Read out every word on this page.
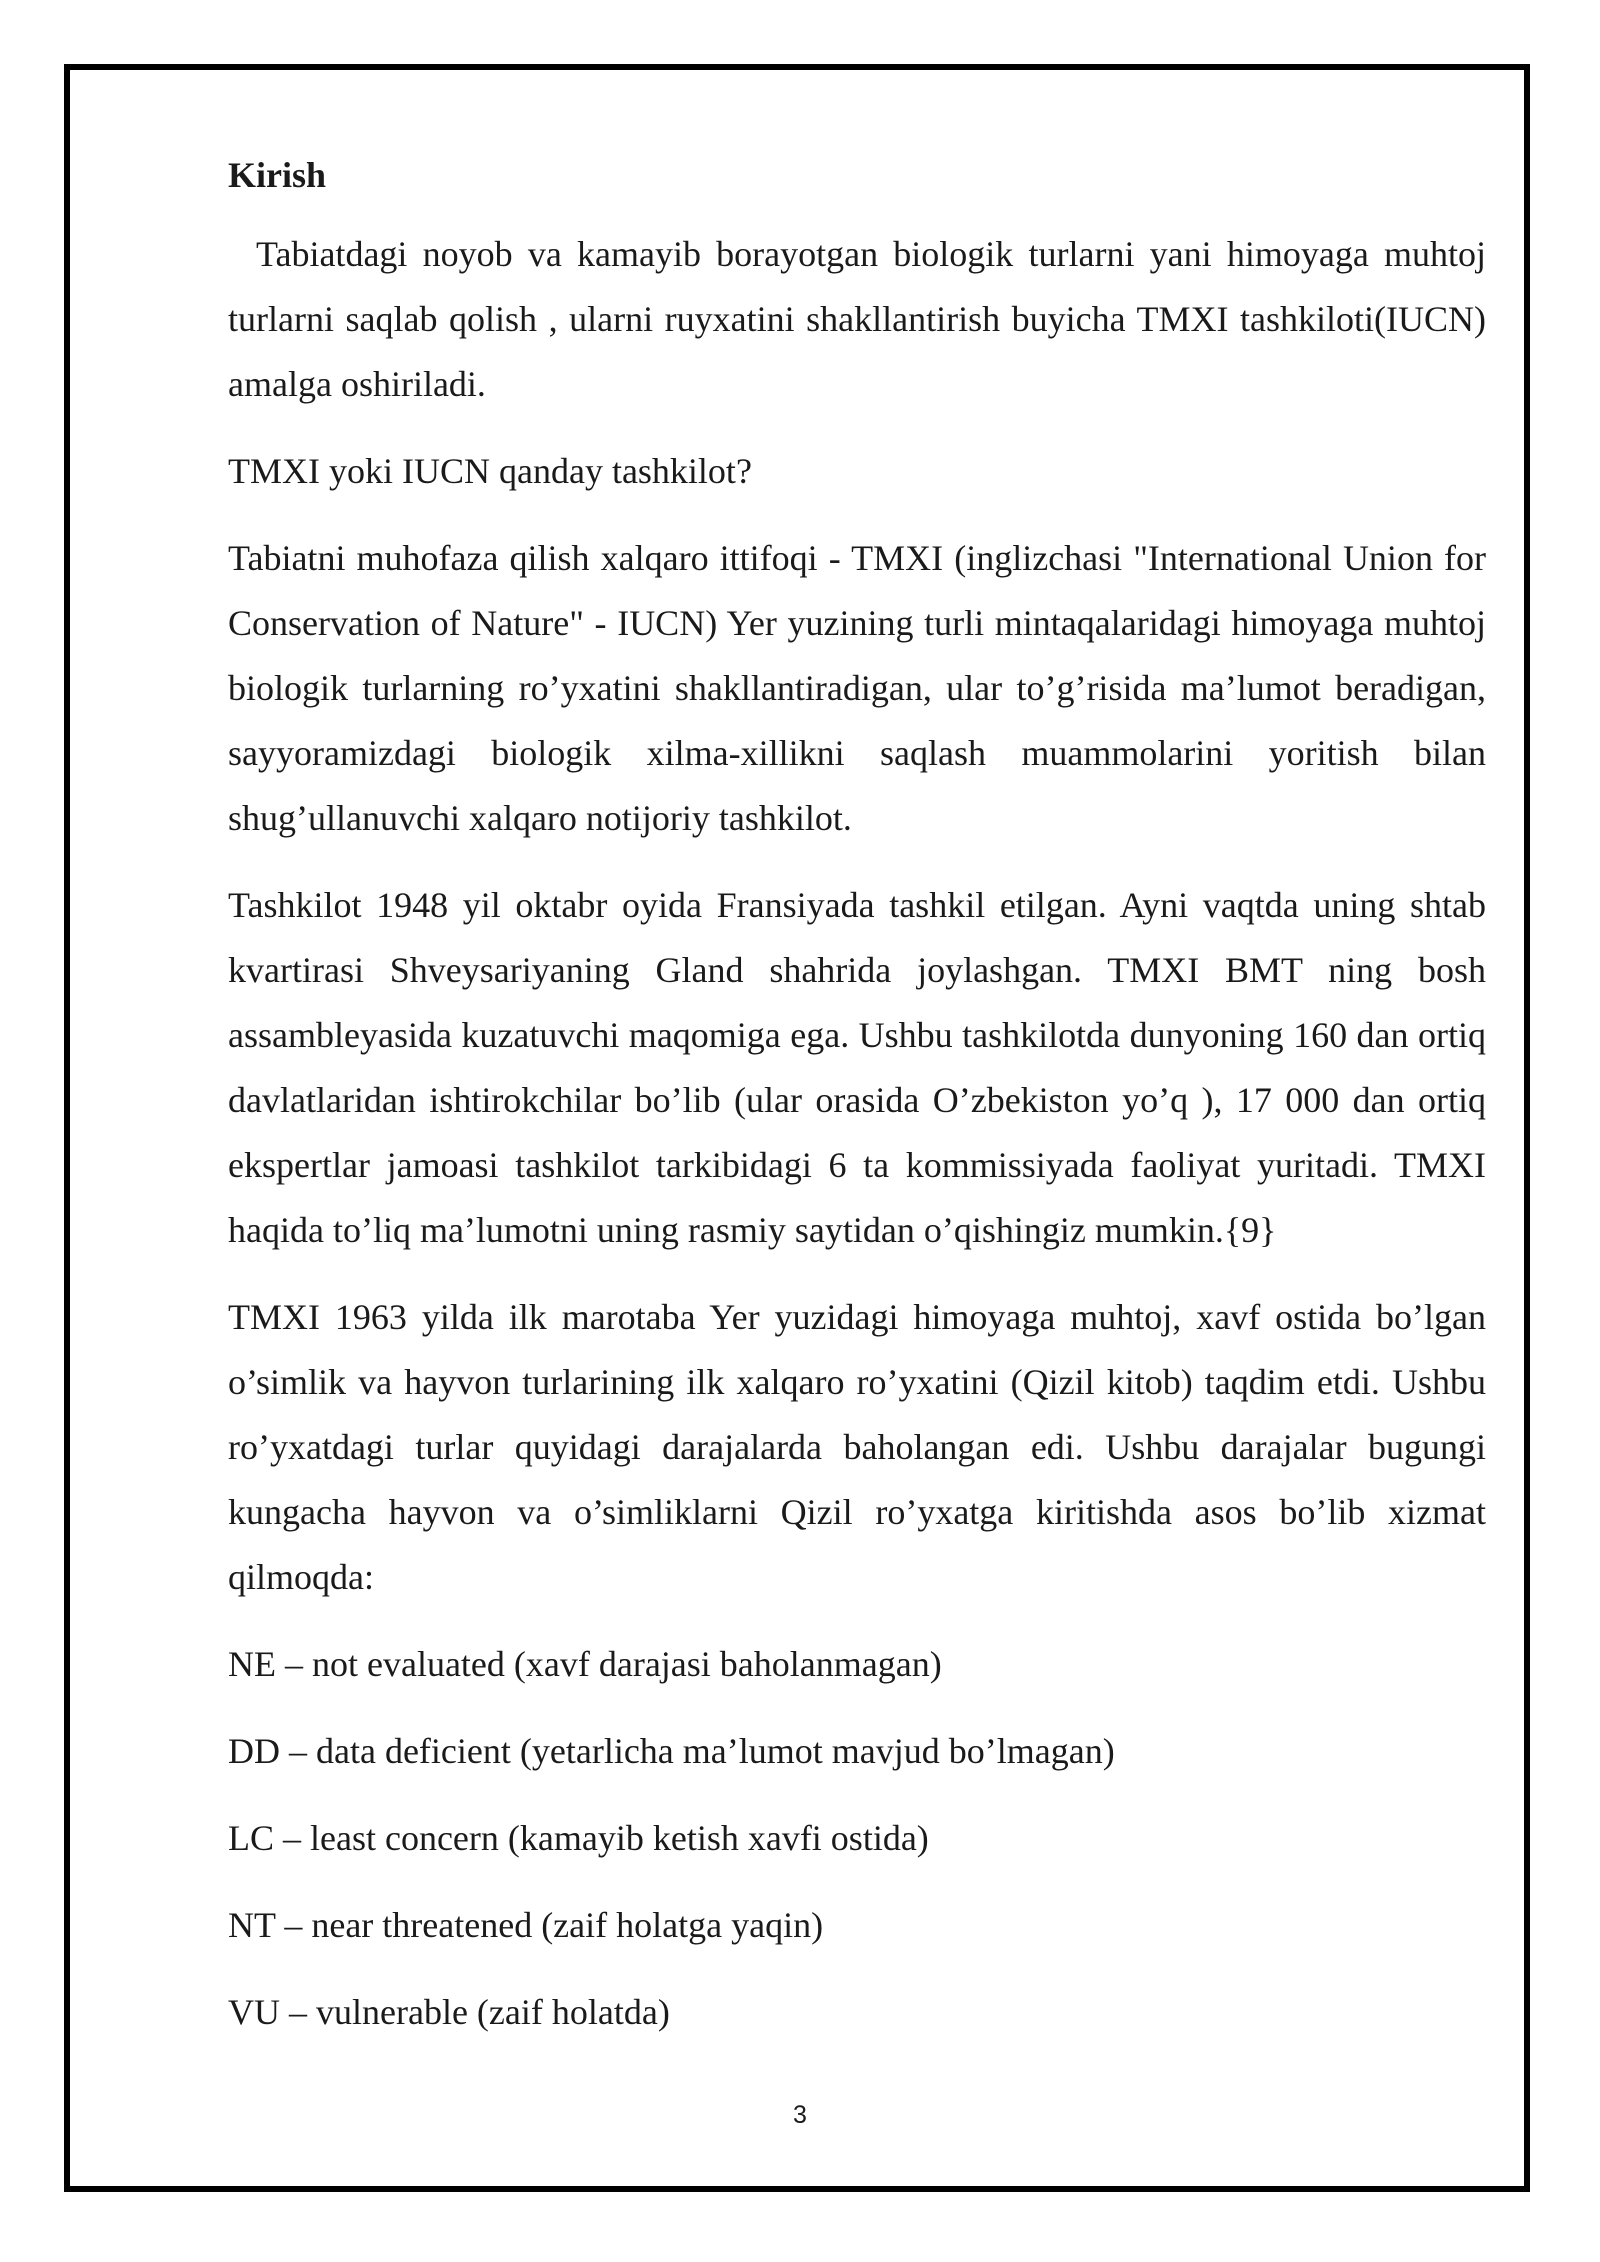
Kirish

Tabiatdagi noyob va kamayib borayotgan biologik turlarni yani himoyaga muhtoj turlarni saqlab qolish , ularni ruyxatini shakllantirish buyicha TMXI tashkiloti(IUCN) amalga oshiriladi.

TMXI yoki IUCN qanday tashkilot?

Tabiatni muhofaza qilish xalqaro ittifoqi - TMXI (inglizchasi "International Union for Conservation of Nature" - IUCN) Yer yuzining turli mintaqalaridagi himoyaga muhtoj biologik turlarning ro’yxatini shakllantiradigan, ular to’g’risida ma’lumot beradigan, sayyoramizdagi biologik xilma-xillikni saqlash muammolarini yoritish bilan shug’ullanuvchi xalqaro notijoriy tashkilot.

Tashkilot 1948 yil oktabr oyida Fransiyada tashkil etilgan. Ayni vaqtda uning shtab kvartirasi Shveysariyaning Gland shahrida joylashgan. TMXI BMT ning bosh assambleyasida kuzatuvchi maqomiga ega. Ushbu tashkilotda dunyoning 160 dan ortiq davlatlaridan ishtirokchilar bo’lib (ular orasida O’zbekiston yo’q ), 17 000 dan ortiq ekspertlar jamoasi tashkilot tarkibidagi 6 ta kommissiyada faoliyat yuritadi. TMXI haqida to’liq ma’lumotni uning rasmiy saytidan o’qishingiz mumkin.{9}

TMXI 1963 yilda ilk marotaba Yer yuzidagi himoyaga muhtoj, xavf ostida bo’lgan o’simlik va hayvon turlarining ilk xalqaro ro’yxatini (Qizil kitob) taqdim etdi. Ushbu ro’yxatdagi turlar quyidagi darajalarda baholangan edi. Ushbu darajalar bugungi kungacha hayvon va o’simliklarni Qizil ro’yxatga kiritishda asos bo’lib xizmat qilmoqda:

NE – not evaluated (xavf darajasi baholanmagan)
DD – data deficient (yetarlicha ma’lumot mavjud bo’lmagan)
LC – least concern (kamayib ketish xavfi ostida)
NT – near threatened (zaif holatga yaqin)
VU – vulnerable (zaif holatda)
3
